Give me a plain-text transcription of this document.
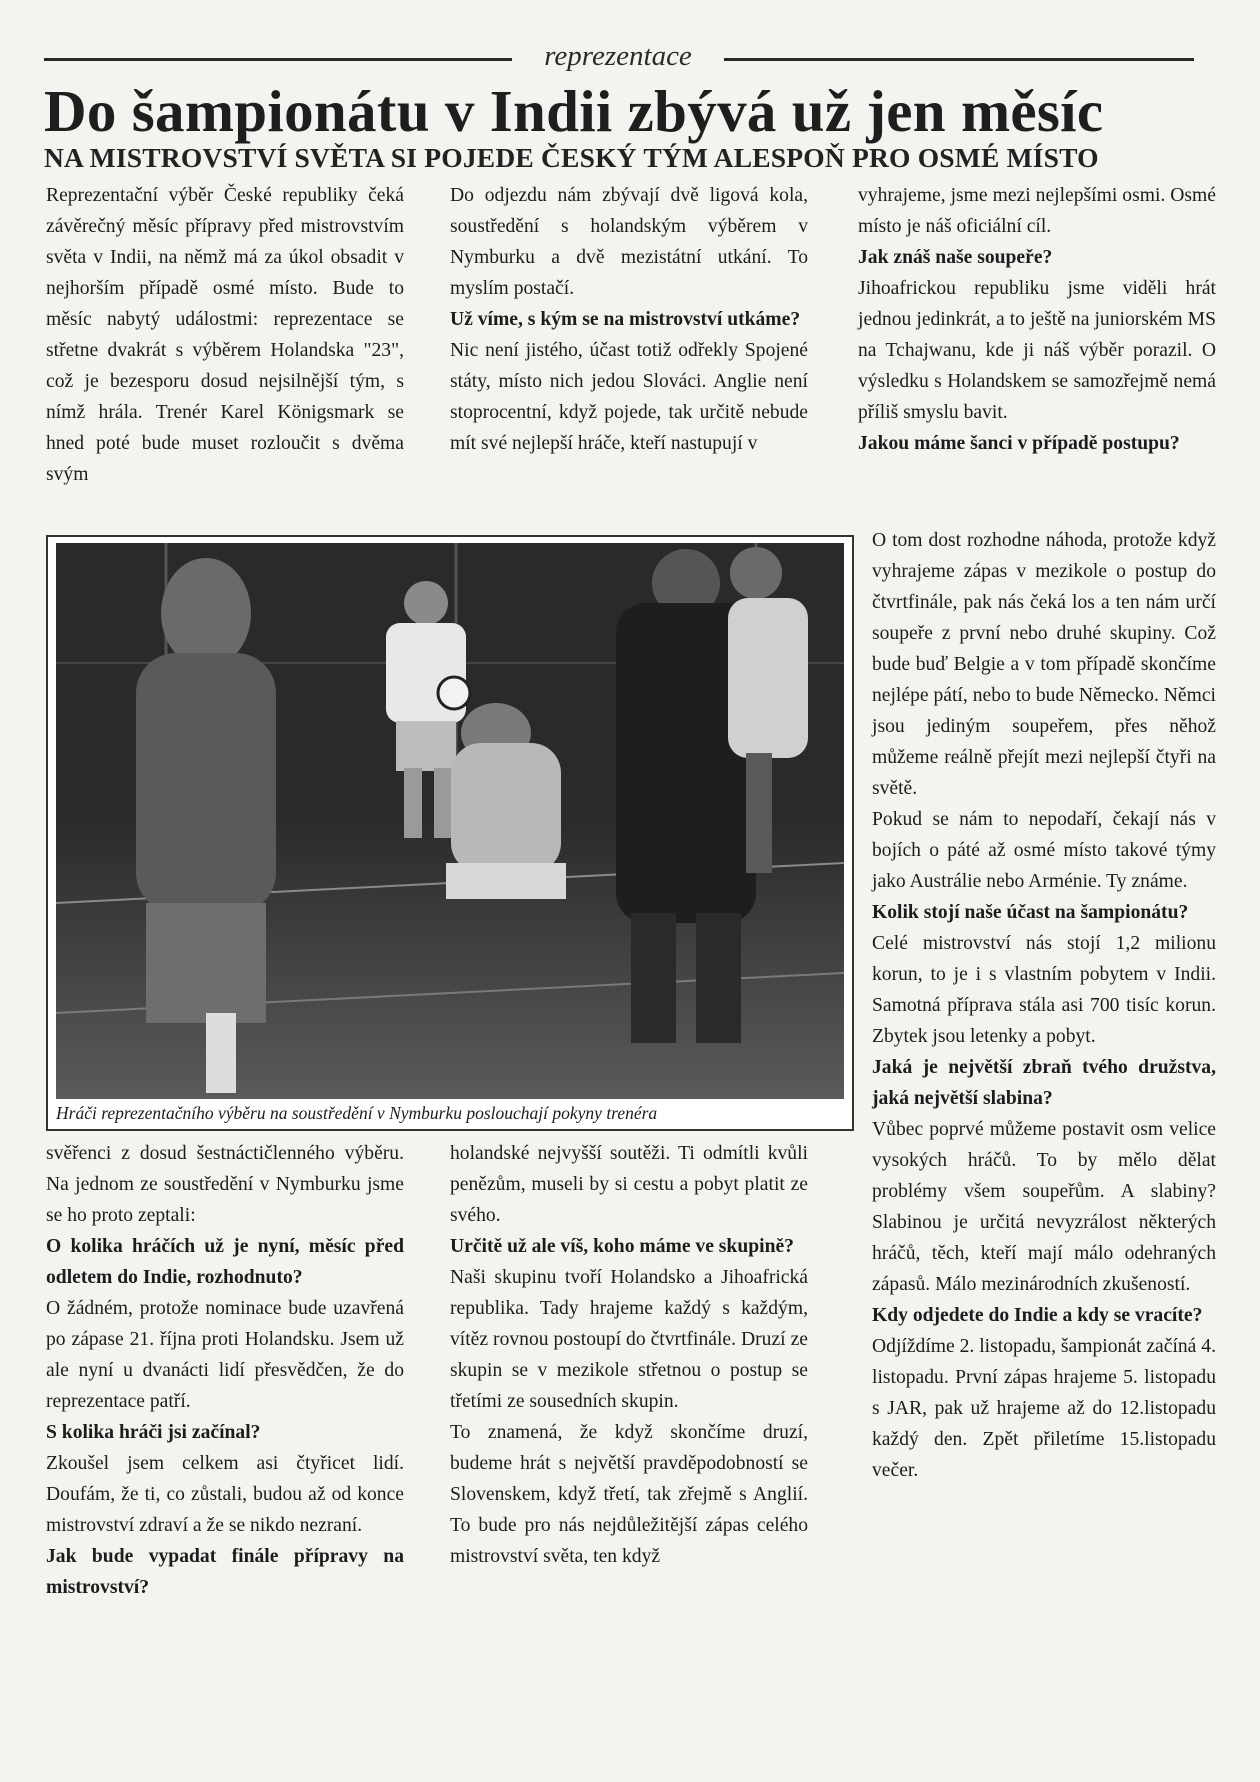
reprezentace
Do šampionátu v Indii zbývá už jen měsíc
NA MISTROVSTVÍ SVĚTA SI POJEDE ČESKÝ TÝM ALESPOŇ PRO OSMÉ MÍSTO

Reprezentační výběr České republiky čeká závěrečný měsíc přípravy před mistrovstvím světa v Indii, na němž má za úkol obsadit v nejhorším případě osmé místo. Bude to měsíc nabytý událostmi: reprezentace se střetne dvakrát s výběrem Holandska "23", což je bezesporu dosud nejsilnější tým, s nímž hrála. Trenér Karel Königsmark se hned poté bude muset rozloučit s dvěma svým

Do odjezdu nám zbývají dvě ligová kola, soustředění s holandským výběrem v Nymburku a dvě mezistátní utkání. To myslím postačí.

Už víme, s kým se na mistrovství utkáme?

Nic není jistého, účast totiž odřekly Spojené státy, místo nich jedou Slováci. Anglie není stoprocentní, když pojede, tak určitě nebude mít své nejlepší hráče, kteří nastupují v

vyhrajeme, jsme mezi nejlepšími osmi. Osmé místo je náš oficiální cíl.

Jak znáš naše soupeře?

Jihoafrickou republiku jsme viděli hrát jednou jedinkrát, a to ještě na juniorském MS na Tchajwanu, kde ji náš výběr porazil. O výsledku s Holandskem se samozřejmě nemá příliš smyslu bavit.

Jakou máme šanci v případě postupu?

Hráči reprezentačního výběru na soustředění v Nymburku poslouchají pokyny trenéra

O tom dost rozhodne náhoda, protože když vyhrajeme zápas v mezikole o postup do čtvrtfinále, pak nás čeká los a ten nám určí soupeře z první nebo druhé skupiny. Což bude buď Belgie a v tom případě skončíme nejlépe pátí, nebo to bude Německo. Němci jsou jediným soupeřem, přes něhož můžeme reálně přejít mezi nejlepší čtyři na světě.

Pokud se nám to nepodaří, čekají nás v bojích o páté až osmé místo takové týmy jako Austrálie nebo Arménie. Ty známe.

Kolik stojí naše účast na šampionátu?

Celé mistrovství nás stojí 1,2 milionu korun, to je i s vlastním pobytem v Indii. Samotná příprava stála asi 700 tisíc korun. Zbytek jsou letenky a pobyt.

Jaká je největší zbraň tvého družstva, jaká největší slabina?

Vůbec poprvé můžeme postavit osm velice vysokých hráčů. To by mělo dělat problémy všem soupeřům. A slabiny? Slabinou je určitá nevyzrálost některých hráčů, těch, kteří mají málo odehraných zápasů. Málo mezinárodních zkušeností.

Kdy odjedete do Indie a kdy se vracíte?

Odjíždíme 2. listopadu, šampionát začíná 4. listopadu. První zápas hrajeme 5. listopadu s JAR, pak už hrajeme až do 12.listopadu každý den. Zpět přiletíme 15.listopadu večer.

svěřenci z dosud šestnáctičlenného výběru. Na jednom ze soustředění v Nymburku jsme se ho proto zeptali:

O kolika hráčích už je nyní, měsíc před odletem do Indie, rozhodnuto?

O žádném, protože nominace bude uzavřená po zápase 21. října proti Holandsku. Jsem už ale nyní u dvanácti lidí přesvědčen, že do reprezentace patří.

S kolika hráči jsi začínal?

Zkoušel jsem celkem asi čtyřicet lidí. Doufám, že ti, co zůstali, budou až od konce mistrovství zdraví a že se nikdo nezraní.

Jak bude vypadat finále přípravy na mistrovství?

holandské nejvyšší soutěži. Ti odmítli kvůli penězům, museli by si cestu a pobyt platit ze svého.

Určitě už ale víš, koho máme ve skupině?

Naši skupinu tvoří Holandsko a Jihoafrická republika. Tady hrajeme každý s každým, vítěz rovnou postoupí do čtvrtfinále. Druzí ze skupin se v mezikole střetnou o postup se třetími ze sousedních skupin.

To znamená, že když skončíme druzí, budeme hrát s největší pravděpodobností se Slovenskem, když třetí, tak zřejmě s Anglií. To bude pro nás nejdůležitější zápas celého mistrovství světa, ten když
